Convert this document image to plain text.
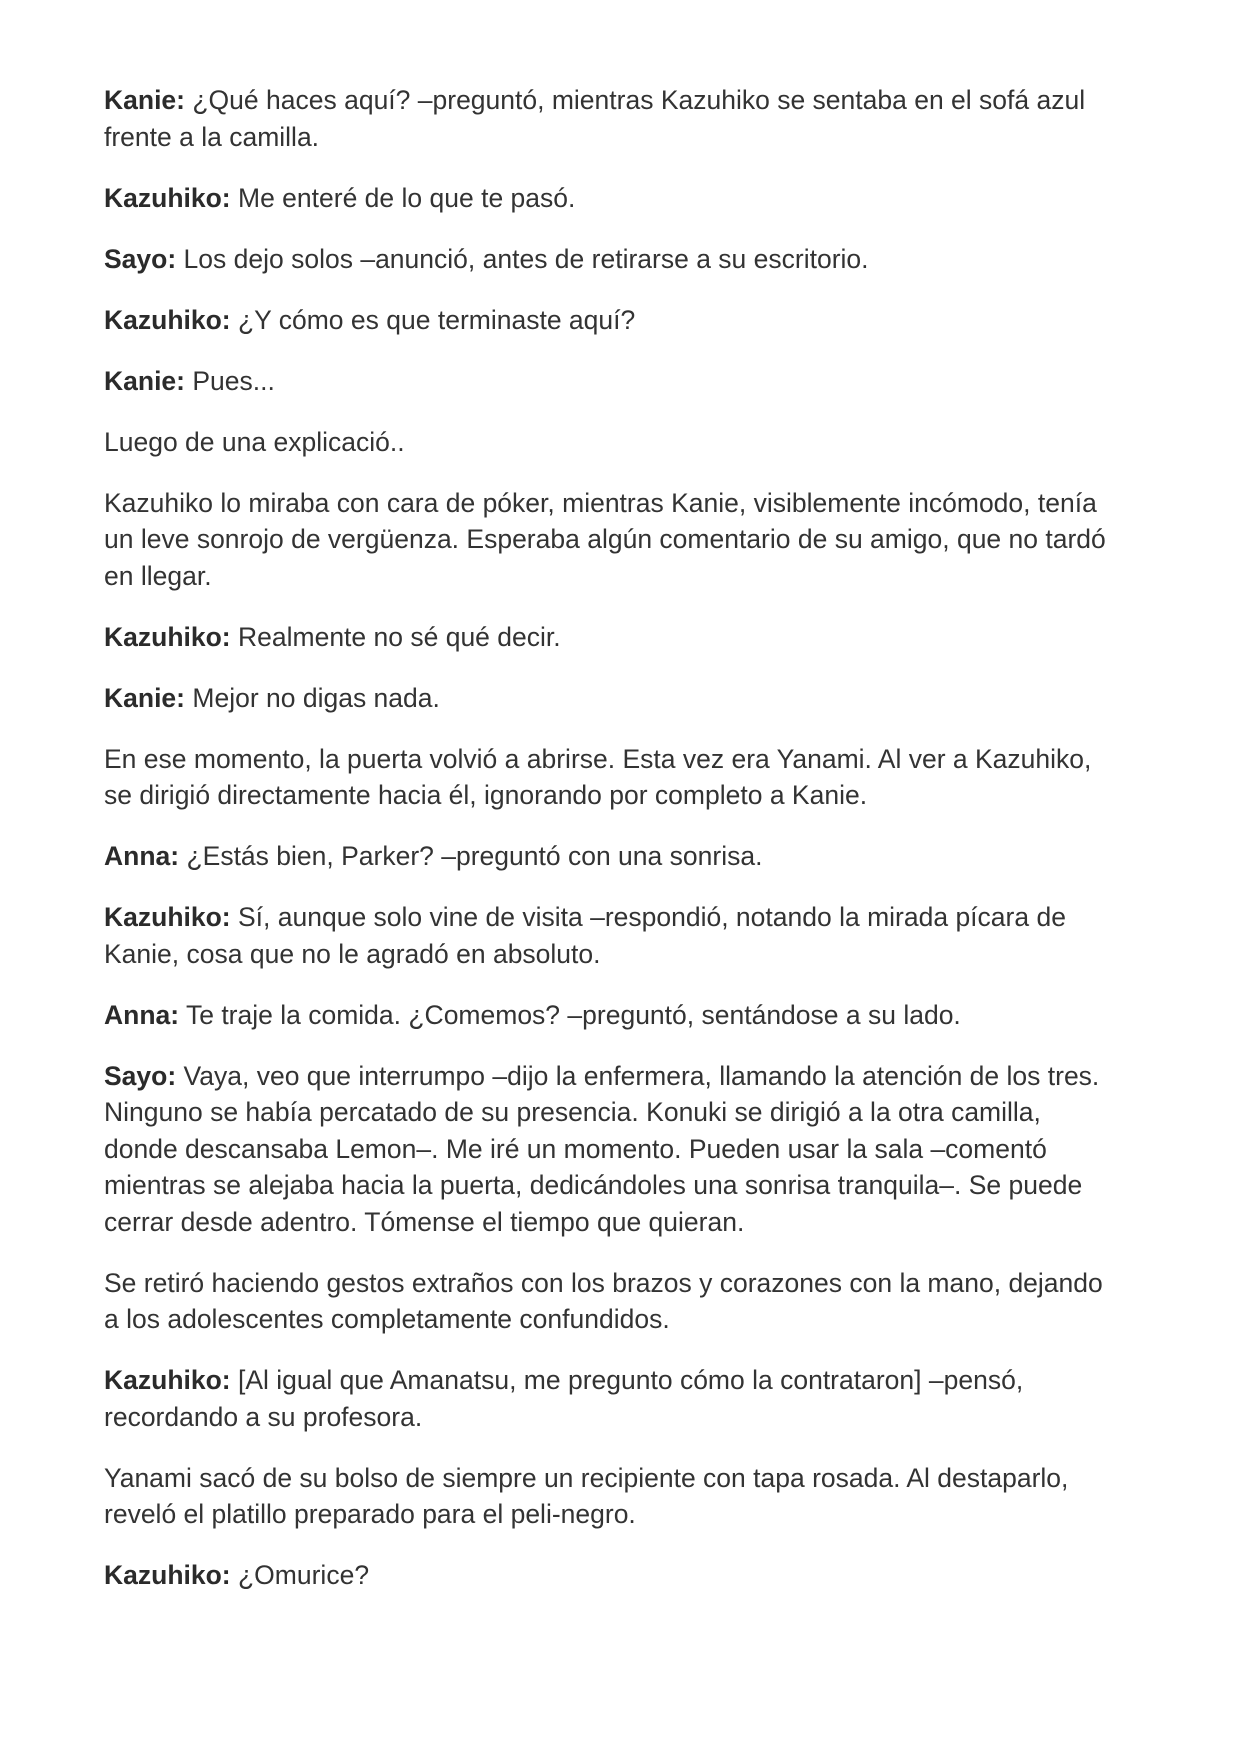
Kanie: ¿Qué haces aquí? –preguntó, mientras Kazuhiko se sentaba en el sofá azul frente a la camilla.

Kazuhiko: Me enteré de lo que te pasó.

Sayo: Los dejo solos –anunció, antes de retirarse a su escritorio.

Kazuhiko: ¿Y cómo es que terminaste aquí?

Kanie: Pues...

Luego de una explicació..

Kazuhiko lo miraba con cara de póker, mientras Kanie, visiblemente incómodo, tenía un leve sonrojo de vergüenza. Esperaba algún comentario de su amigo, que no tardó en llegar.

Kazuhiko: Realmente no sé qué decir.

Kanie: Mejor no digas nada.

En ese momento, la puerta volvió a abrirse. Esta vez era Yanami. Al ver a Kazuhiko, se dirigió directamente hacia él, ignorando por completo a Kanie.

Anna: ¿Estás bien, Parker? –preguntó con una sonrisa.

Kazuhiko: Sí, aunque solo vine de visita –respondió, notando la mirada pícara de Kanie, cosa que no le agradó en absoluto.

Anna: Te traje la comida. ¿Comemos? –preguntó, sentándose a su lado.

Sayo: Vaya, veo que interrumpo –dijo la enfermera, llamando la atención de los tres. Ninguno se había percatado de su presencia. Konuki se dirigió a la otra camilla, donde descansaba Lemon–. Me iré un momento. Pueden usar la sala –comentó mientras se alejaba hacia la puerta, dedicándoles una sonrisa tranquila–. Se puede cerrar desde adentro. Tómense el tiempo que quieran.

Se retiró haciendo gestos extraños con los brazos y corazones con la mano, dejando a los adolescentes completamente confundidos.

Kazuhiko: [Al igual que Amanatsu, me pregunto cómo la contrataron] –pensó, recordando a su profesora.

Yanami sacó de su bolso de siempre un recipiente con tapa rosada. Al destaparlo, reveló el platillo preparado para el peli-negro.

Kazuhiko: ¿Omurice?
